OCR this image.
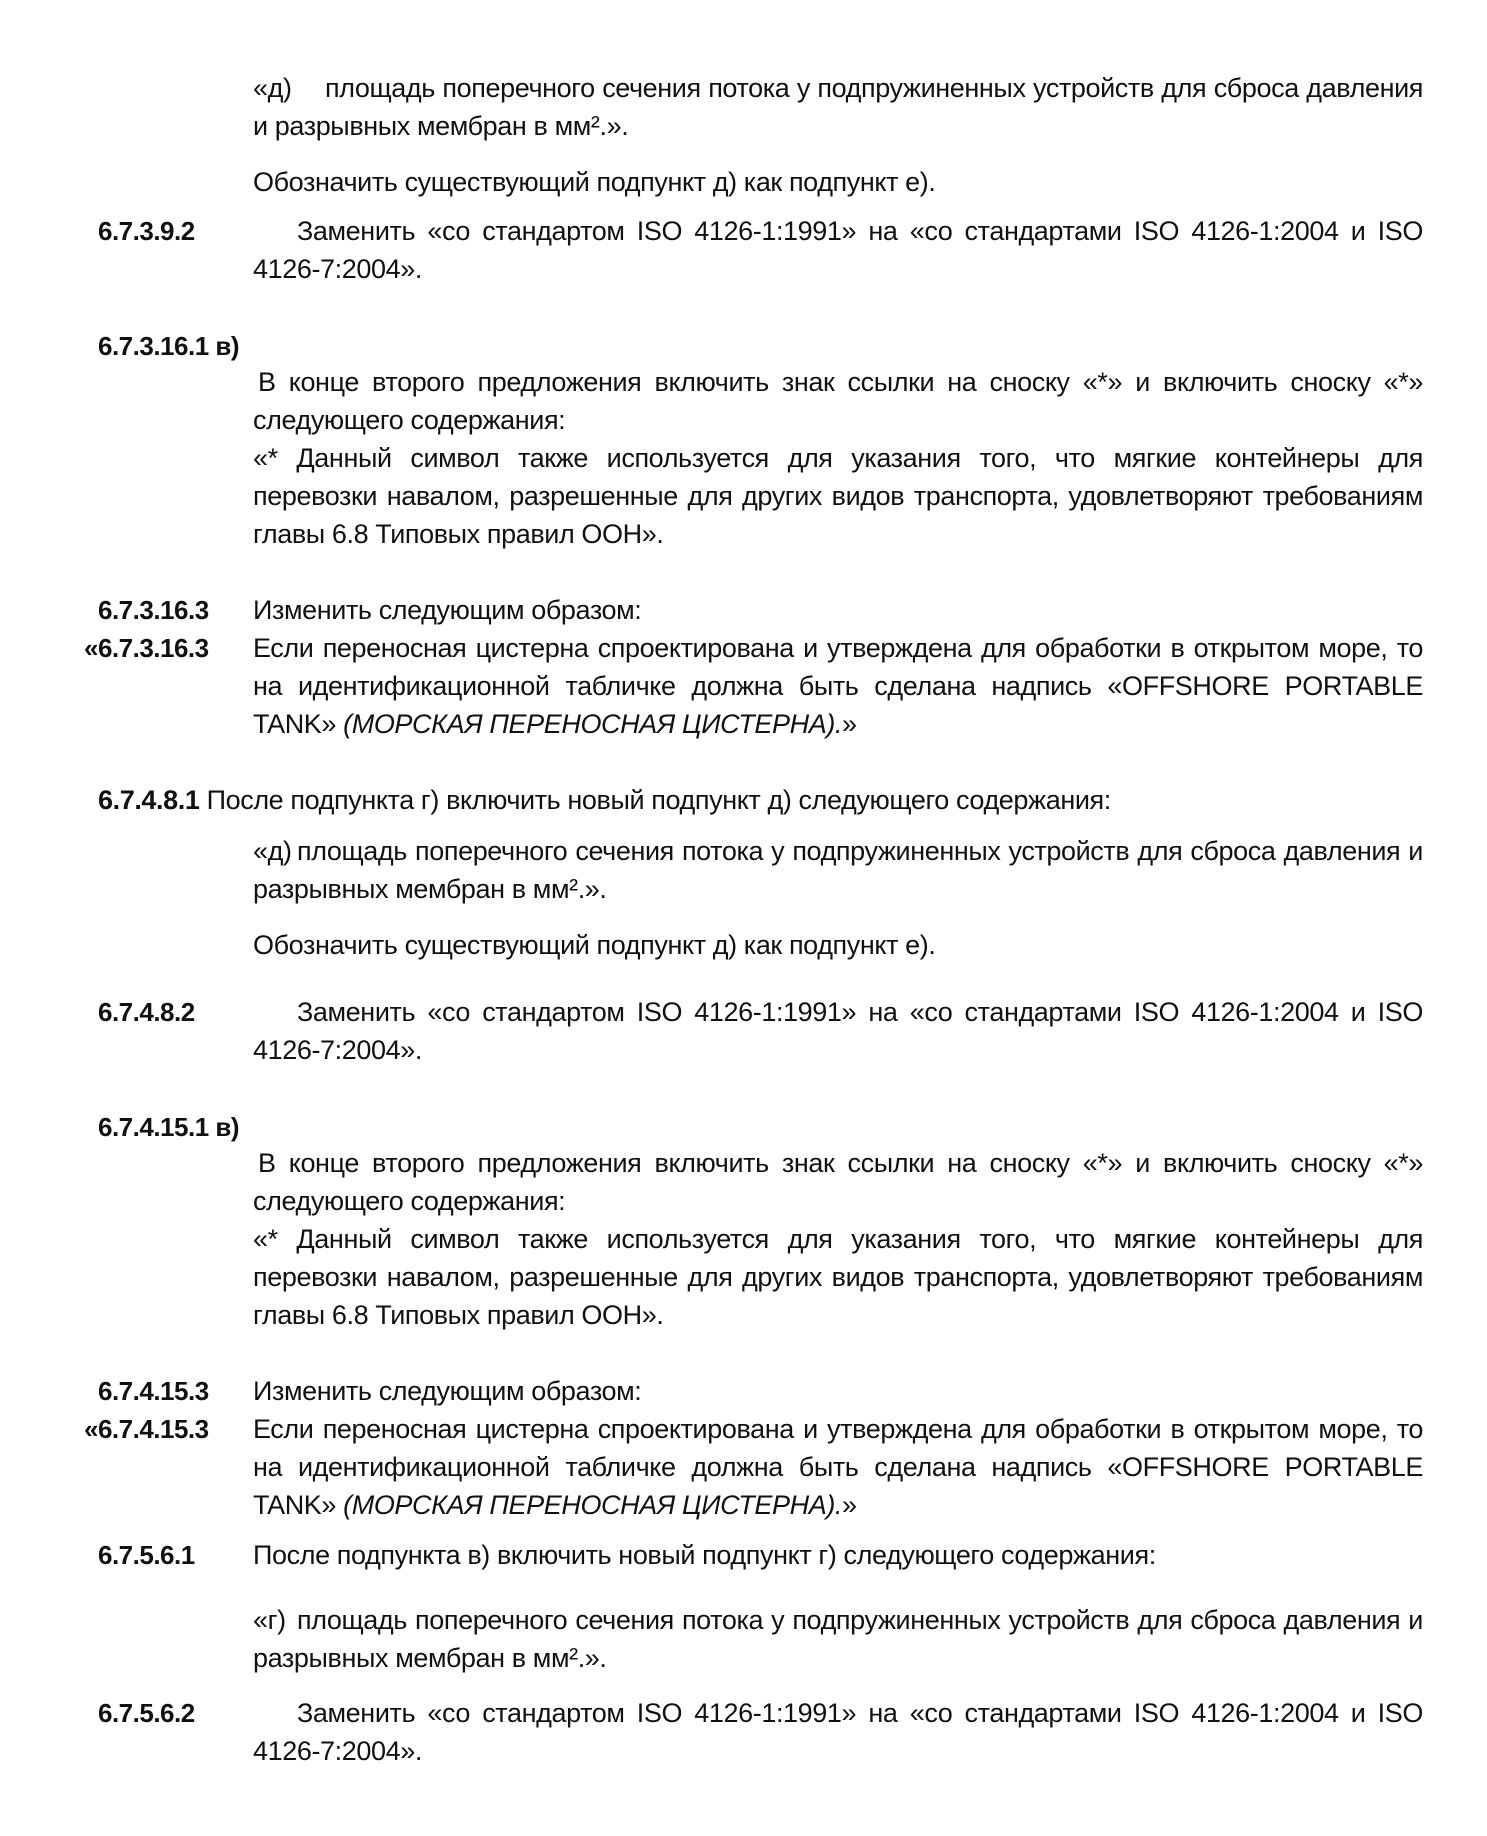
«д) площадь поперечного сечения потока у подпружиненных устройств для сброса давления и разрывных мембран в мм².».

Обозначить существующий подпункт д) как подпункт е).

6.7.3.9.2	Заменить «со стандартом ISO 4126-1:1991» на «со стандартами ISO 4126-1:2004 и ISO 4126-7:2004».

6.7.3.16.1 в)

В конце второго предложения включить знак ссылки на сноску «*» и включить сноску «*» следующего содержания:

«* Данный символ также используется для указания того, что мягкие контейнеры для перевозки навалом, разрешенные для других видов транспорта, удовлетворяют требованиям главы 6.8 Типовых правил ООН».

6.7.3.16.3 Изменить следующим образом:

«6.7.3.16.3 Если переносная цистерна спроектирована и утверждена для обработки в открытом море, то на идентификационной табличке должна быть сделана надпись «OFFSHORE PORTABLE TANK» (МОРСКАЯ ПЕРЕНОСНАЯ ЦИСТЕРНА).»

6.7.4.8.1 После подпункта г) включить новый подпункт д) следующего содержания:

«д) площадь поперечного сечения потока у подпружиненных устройств для сброса давления и разрывных мембран в мм².».

Обозначить существующий подпункт д) как подпункт е).

6.7.4.8.2	Заменить «со стандартом ISO 4126-1:1991» на «со стандартами ISO 4126-1:2004 и ISO 4126-7:2004».

6.7.4.15.1 в)

В конце второго предложения включить знак ссылки на сноску «*» и включить сноску «*» следующего содержания:

«* Данный символ также используется для указания того, что мягкие контейнеры для перевозки навалом, разрешенные для других видов транспорта, удовлетворяют требованиям главы 6.8 Типовых правил ООН».

6.7.4.15.3 Изменить следующим образом:

«6.7.4.15.3 Если переносная цистерна спроектирована и утверждена для обработки в открытом море, то на идентификационной табличке должна быть сделана надпись «OFFSHORE PORTABLE TANK» (МОРСКАЯ ПЕРЕНОСНАЯ ЦИСТЕРНА).»

6.7.5.6.1 После подпункта в) включить новый подпункт г) следующего содержания:

«г) площадь поперечного сечения потока у подпружиненных устройств для сброса давления и разрывных мембран в мм².».

6.7.5.6.2	Заменить «со стандартом ISO 4126-1:1991» на «со стандартами ISO 4126-1:2004 и ISO 4126-7:2004».
